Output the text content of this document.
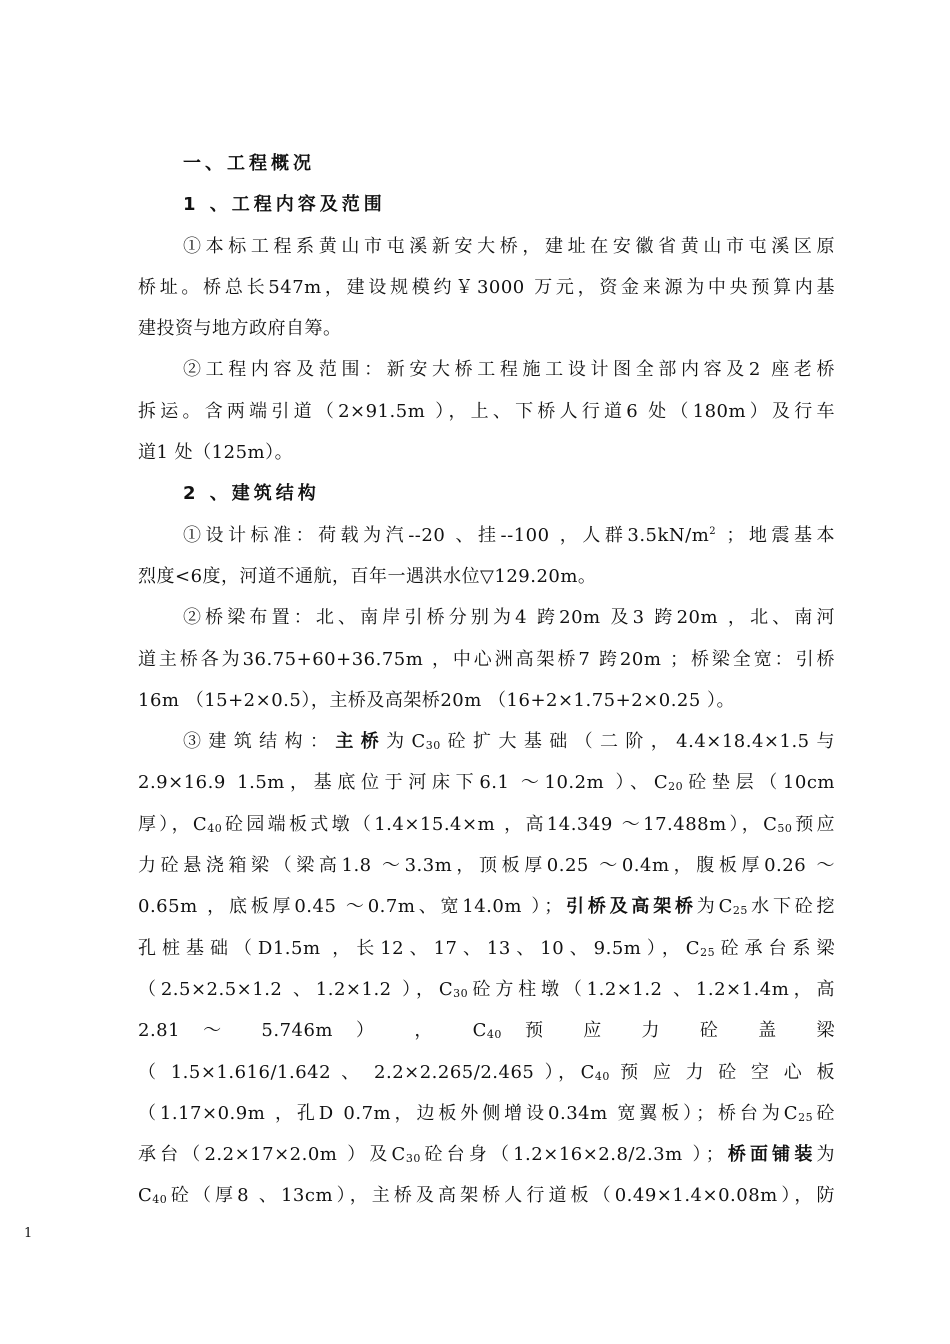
一、工程概况
1 、工程内容及范围
①本标工程系黄山市屯溪新安大桥，建址在安徽省黄山市屯溪区原
桥址。桥总长547m，建设规模约￥3000 万元，资金来源为中央预算内基
建投资与地方政府自筹。
②工程内容及范围：新安大桥工程施工设计图全部内容及2 座老桥
拆运。含两端引道（2×91.5m ），上、下桥人行道6 处（180m）及行车
道1 处（125m）。
2 、建筑结构
①设计标准：荷载为汽--20 、挂--100 ，人群$3.5kN/m^2$ ；地震基本
烈度<6度，河道不通航，百年一遇洪水位▽129.20m。
②桥梁布置：北、南岸引桥分别为4 跨20m 及3 跨20m ，北、南河
道主桥各为36.75+60+36.75m ，中心洲高架桥7 跨20m ；桥梁全宽：引桥
16m （15+2×0.5），主桥及高架桥20m （16+2×1.75+2×0.25 ）。
③建筑结构：主桥为$C_{30}$砼扩大基础（二阶，4.4×18.4×1.5与
2.9×16.9 1.5m，基底位于河床下6.1 ～10.2m ）、$C_{20}$砼垫层（10cm
厚），$C_{40}$砼园端板式墩（1.4×15.4×m ，高14.349 ～17.488m），$C_{50}$预应
力砼悬浇箱梁（梁高1.8 ～3.3m，顶板厚0.25 ～0.4m，腹板厚0.26 ～
0.65m ，底板厚0.45 ～0.7m、宽14.0m ）；引桥及高架桥为$C_{25}$水下砼挖
孔桩基础（D1.5m ，长12、17、13、10、9.5m），$C_{25}$砼承台系梁
（2.5×2.5×1.2 、1.2×1.2 ），$C_{30}$砼方柱墩（1.2×1.2 、1.2×1.4m，高
2.81 ～ 5.746m ） ， $C_{40}$ 预 应 力 砼 盖 梁
（ 1.5×1.616/1.642 、 2.2×2.265/2.465 ），$C_{40}$ 预 应 力 砼 空 心 板
（1.17×0.9m ，孔D 0.7m，边板外侧增设0.34m 宽翼板）；桥台为$C_{25}$砼
承台（2.2×17×2.0m ）及$C_{30}$砼台身（1.2×16×2.8/2.3m ）；桥面铺装为
$C_{40}$砼（厚8 、13cm），主桥及高架桥人行道板（0.49×1.4×0.08m），防
1
